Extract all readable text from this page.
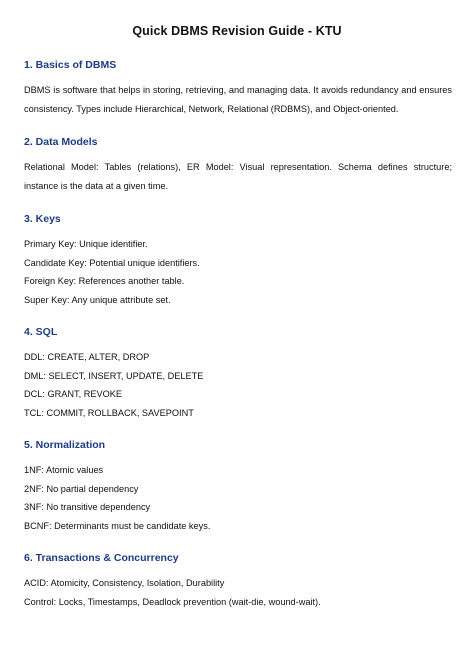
Quick DBMS Revision Guide - KTU
1. Basics of DBMS

DBMS is software that helps in storing, retrieving, and managing data. It avoids redundancy and ensures consistency. Types include Hierarchical, Network, Relational (RDBMS), and Object-oriented.

2. Data Models

Relational Model: Tables (relations), ER Model: Visual representation. Schema defines structure; instance is the data at a given time.

3. Keys

Primary Key: Unique identifier.

Candidate Key: Potential unique identifiers.

Foreign Key: References another table.

Super Key: Any unique attribute set.

4. SQL

DDL: CREATE, ALTER, DROP

DML: SELECT, INSERT, UPDATE, DELETE

DCL: GRANT, REVOKE

TCL: COMMIT, ROLLBACK, SAVEPOINT

5. Normalization

1NF: Atomic values

2NF: No partial dependency

3NF: No transitive dependency

BCNF: Determinants must be candidate keys.

6. Transactions & Concurrency

ACID: Atomicity, Consistency, Isolation, Durability

Control: Locks, Timestamps, Deadlock prevention (wait-die, wound-wait).
